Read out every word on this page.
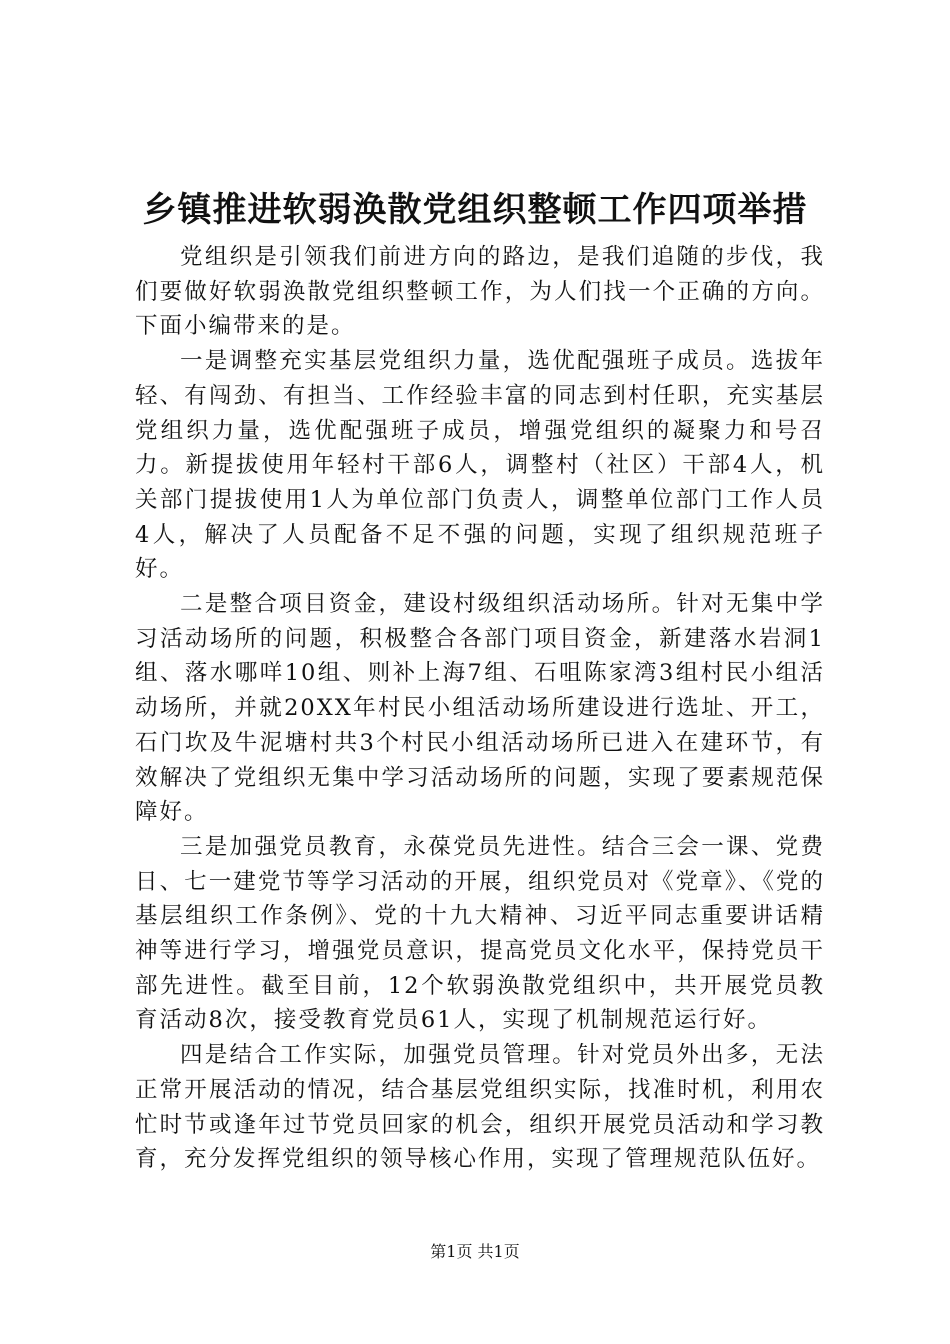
乡镇推进软弱涣散党组织整顿工作四项举措

党组织是引领我们前进方向的路边，是我们追随的步伐，我们要做好软弱涣散党组织整顿工作，为人们找一个正确的方向。下面小编带来的是。

一是调整充实基层党组织力量，选优配强班子成员。选拔年轻、有闯劲、有担当、工作经验丰富的同志到村任职，充实基层党组织力量，选优配强班子成员，增强党组织的凝聚力和号召力。新提拔使用年轻村干部6人，调整村（社区）干部4人，机关部门提拔使用1人为单位部门负责人，调整单位部门工作人员4人，解决了人员配备不足不强的问题，实现了组织规范班子好。

二是整合项目资金，建设村级组织活动场所。针对无集中学习活动场所的问题，积极整合各部门项目资金，新建落水岩洞1组、落水哪咩10组、则补上海7组、石咀陈家湾3组村民小组活动场所，并就20XX年村民小组活动场所建设进行选址、开工，石门坎及牛泥塘村共3个村民小组活动场所已进入在建环节，有效解决了党组织无集中学习活动场所的问题，实现了要素规范保障好。

三是加强党员教育，永葆党员先进性。结合三会一课、党费日、七一建党节等学习活动的开展，组织党员对《党章》、《党的基层组织工作条例》、党的十九大精神、习近平同志重要讲话精神等进行学习，增强党员意识，提高党员文化水平，保持党员干部先进性。截至目前，12个软弱涣散党组织中，共开展党员教育活动8次，接受教育党员61人，实现了机制规范运行好。

四是结合工作实际，加强党员管理。针对党员外出多，无法正常开展活动的情况，结合基层党组织实际，找准时机，利用农忙时节或逢年过节党员回家的机会，组织开展党员活动和学习教育，充分发挥党组织的领导核心作用，实现了管理规范队伍好。

第1页 共1页
